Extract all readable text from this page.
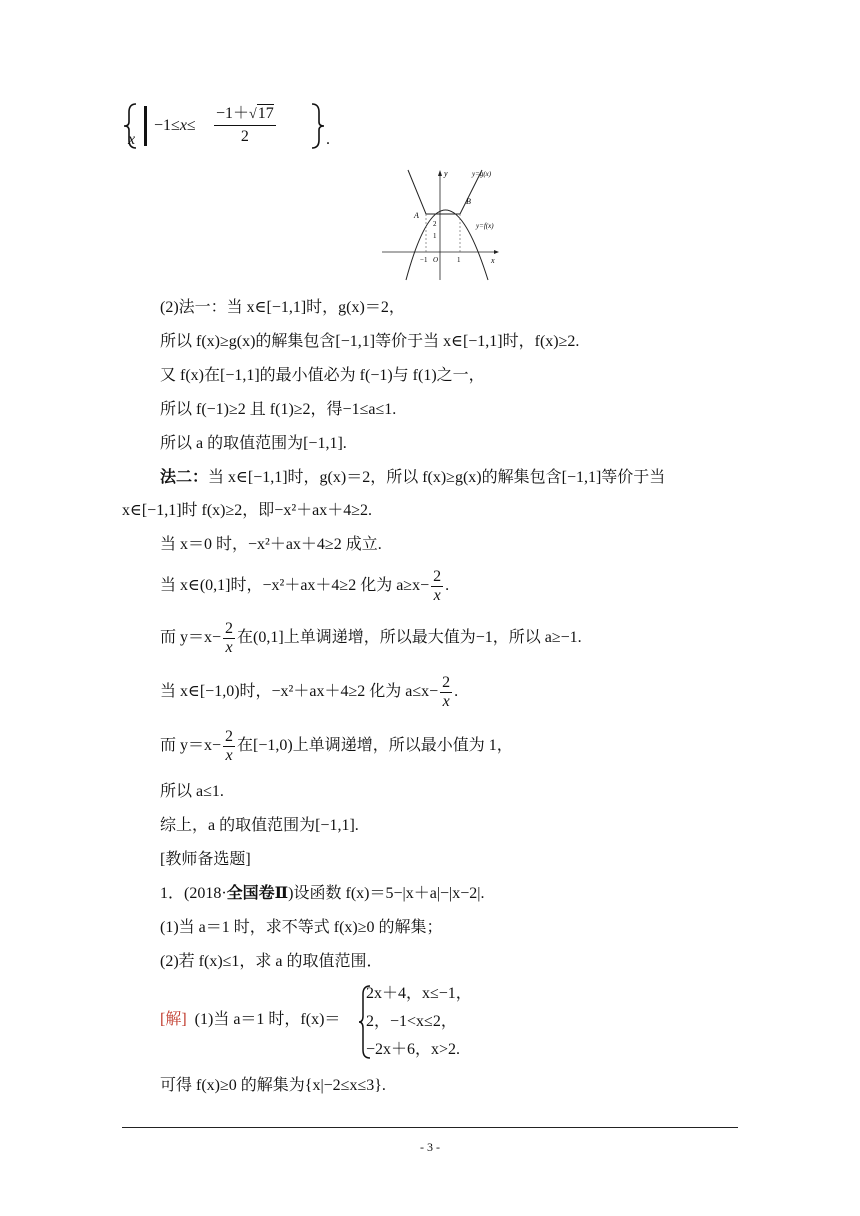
x
−1≤x≤
−1＋√17
2	.
y
x
y=g(x)
y=f(x)
A
B
2
1
−1 O	1
(2)法一：当 x∈[−1,1]时，g(x)＝2，
所以 f(x)≥g(x)的解集包含[−1,1]等价于当 x∈[−1,1]时，f(x)≥2.
又 f(x)在[−1,1]的最小值必为 f(−1)与 f(1)之一，
所以 f(−1)≥2 且 f(1)≥2，得−1≤a≤1.
所以 a 的取值范围为[−1,1].
法二：当 x∈[−1,1]时，g(x)＝2，所以 f(x)≥g(x)的解集包含[−1,1]等价于当
x∈[−1,1]时 f(x)≥2，即−x²＋ax＋4≥2.
当 x＝0 时，−x²＋ax＋4≥2 成立.
当 x∈(0,1]时，−x²＋ax＋4≥2 化为 $a\ge x- \frac{2}{x}$ .
而 $y=x- \frac{2}{x}$ 在(0,1]上单调递增，所以最大值为−1，所以 a≥−1.
当 x∈[−1,0)时，−x²＋ax＋4≥2 化为 $a\le x- \frac{2}{x}$ .
而 $y=x- \frac{2}{x}$ 在[−1,0)上单调递增，所以最小值为 1，
所以 a≤1.
综上，a 的取值范围为[−1,1].
[教师备选题]
1．(2018·全国卷Ⅱ)设函数 f(x)＝5−|x＋a|−|x−2|.
(1)当 a＝1 时，求不等式 f(x)≥0 的解集；
(2)若 f(x)≤1，求 a 的取值范围．
[解] (1)当 a＝1 时，f(x)＝
2x＋4，x≤−1，
2，−1<x≤2，
−2x＋6，x>2.
可得 f(x)≥0 的解集为{x|−2≤x≤3}.
- 3 -
